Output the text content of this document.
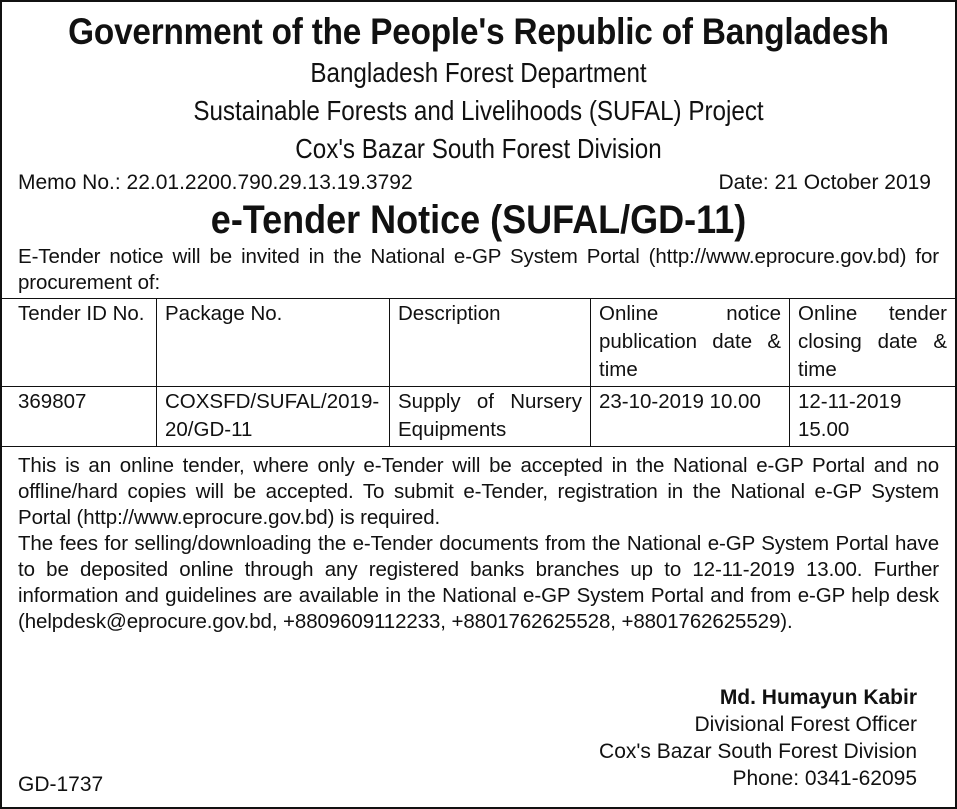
Government of the People's Republic of Bangladesh
Bangladesh Forest Department
Sustainable Forests and Livelihoods (SUFAL) Project
Cox's Bazar South Forest Division
Memo No.: 22.01.2200.790.29.13.19.3792	Date: 21 October 2019
e-Tender Notice (SUFAL/GD-11)
E-Tender notice will be invited in the National e-GP System Portal (http://www.eprocure.gov.bd) for procurement of:
Tender ID No.	Package No.	Description	Online notice publication date & time	Online tender closing date & time
369807	COXSFD/SUFAL/2019-20/GD-11	Supply of Nursery Equipments	23-10-2019 10.00	12-11-2019 15.00
This is an online tender, where only e-Tender will be accepted in the National e-GP Portal and no offline/hard copies will be accepted. To submit e-Tender, registration in the National e-GP System Portal (http://www.eprocure.gov.bd) is required.
The fees for selling/downloading the e-Tender documents from the National e-GP System Portal have to be deposited online through any registered banks branches up to 12-11-2019 13.00. Further information and guidelines are available in the National e-GP System Portal and from e-GP help desk (helpdesk@eprocure.gov.bd, +8809609112233, +8801762625528, +8801762625529).
Md. Humayun Kabir
Divisional Forest Officer
Cox's Bazar South Forest Division
Phone: 0341-62095
GD-1737
